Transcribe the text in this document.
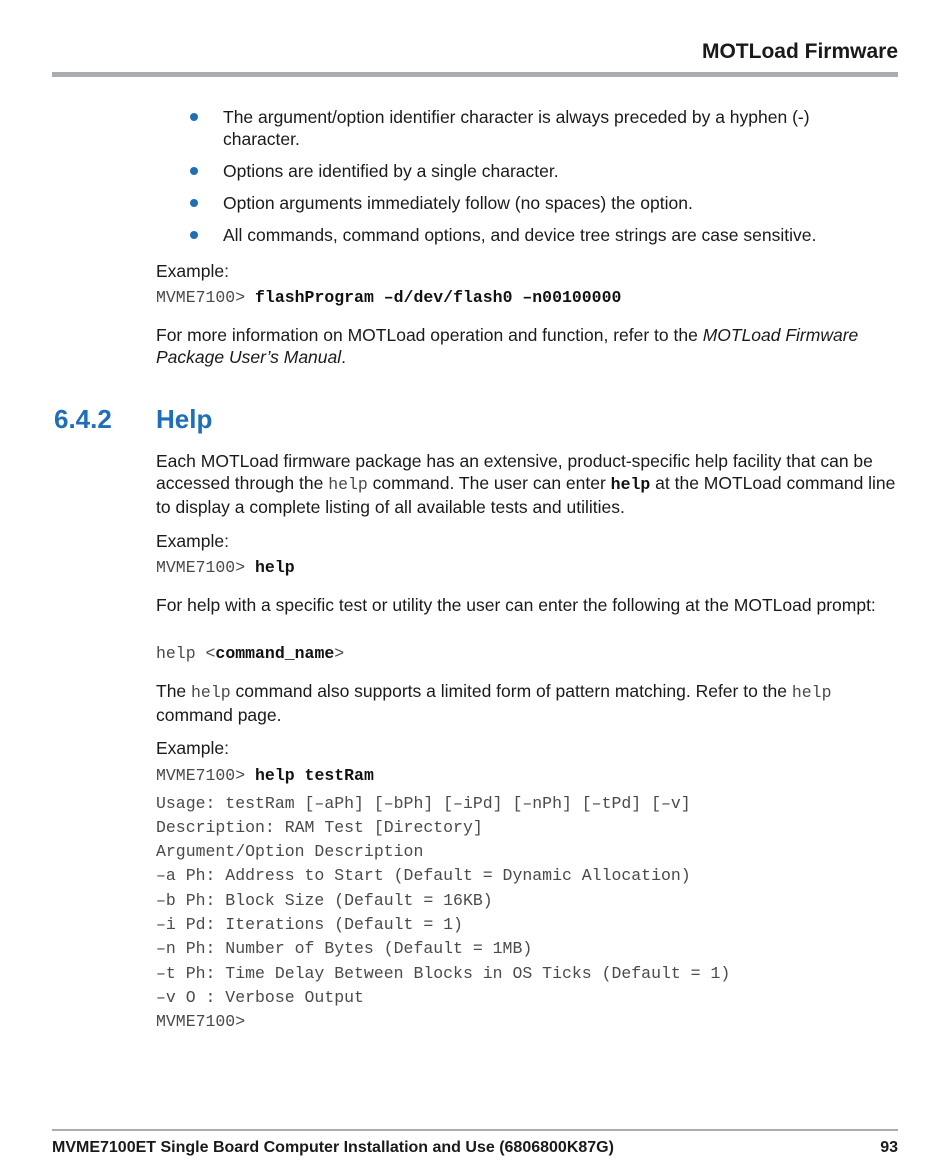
MOTLoad Firmware
The argument/option identifier character is always preceded by a hyphen (-) character.
Options are identified by a single character.
Option arguments immediately follow (no spaces) the option.
All commands, command options, and device tree strings are case sensitive.

Example:

MVME7100> flashProgram –d/dev/flash0 –n00100000

For more information on MOTLoad operation and function, refer to the MOTLoad Firmware Package User’s Manual.

6.4.2 Help

Each MOTLoad firmware package has an extensive, product-specific help facility that can be accessed through the help command. The user can enter help at the MOTLoad command line to display a complete listing of all available tests and utilities.

Example:

MVME7100> help

For help with a specific test or utility the user can enter the following at the MOTLoad prompt:

help <command_name>

The help command also supports a limited form of pattern matching. Refer to the help command page.

Example:

MVME7100> help testRam
Usage: testRam [–aPh] [–bPh] [–iPd] [–nPh] [–tPd] [–v]
Description: RAM Test [Directory]
Argument/Option Description
–a Ph: Address to Start (Default = Dynamic Allocation)
–b Ph: Block Size (Default = 16KB)
–i Pd: Iterations (Default = 1)
–n Ph: Number of Bytes (Default = 1MB)
–t Ph: Time Delay Between Blocks in OS Ticks (Default = 1)
–v O : Verbose Output
MVME7100>
MVME7100ET Single Board Computer Installation and Use (6806800K87G)	93
